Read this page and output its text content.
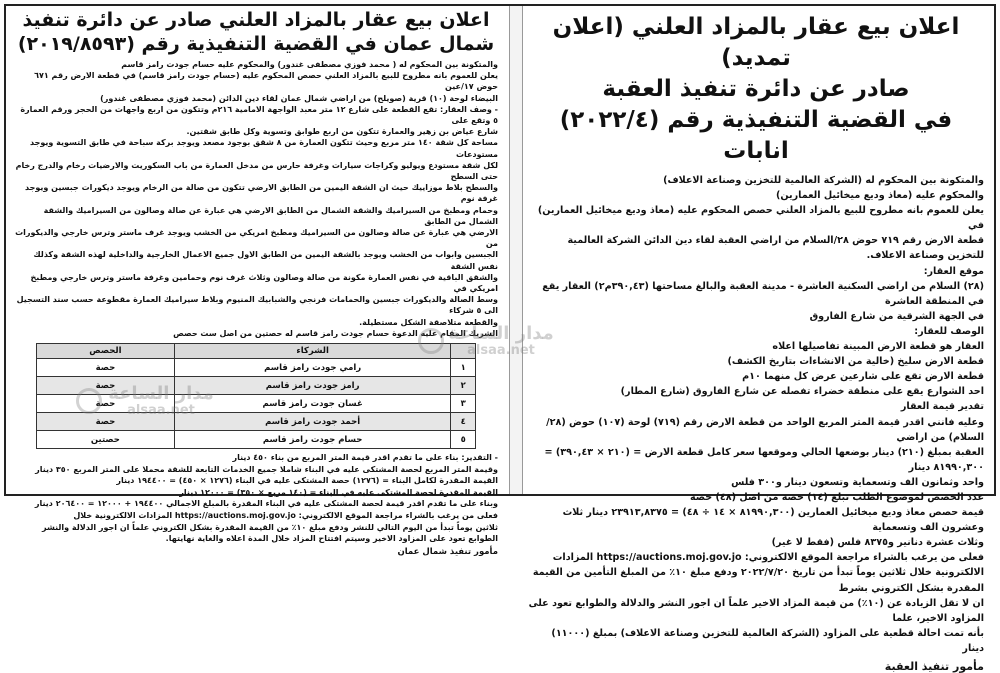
اعلان بيع عقار بالمزاد العلني (اعلان تمديد)

صادر عن دائرة تنفيذ العقبة

في القضية التنفيذية رقم (٢٠٢٢/٤) انابات

والمتكونة بين المحكوم له (الشركة العالمية للتخزين وصناعة الاعلاف)

والمحكوم عليه (معاذ وديع ميخائيل العمارين)

يعلن للعموم بانه مطروح للبيع بالمزاد العلني حصص المحكوم عليه (معاذ وديع ميخائيل العمارين) في

قطعة الارض رقم ٧١٩ حوض ٢٨/السلام من اراضي العقبة لقاء دين الدائن الشركة العالمية للتخزين وصناعة الاعلاف.

موقع العقار:

(٢٨) السلام من اراضي السكنية العاشرة - مدينة العقبة والبالغ مساحتها (٣٩٠,٤٣م٢) العقار يقع في المنطقة العاشرة

في الجهة الشرقية من شارع الفاروق

الوصف للعقار:

العقار هو قطعة الارض المبينة تفاصيلها اعلاه

قطعة الارض سليخ (خالية من الانشاءات بتاريخ الكشف)

قطعة الارض تقع على شارعين عرض كل منهما ١٠م

احد الشوارع يقع على منطقة خضراء تفصله عن شارع الفاروق (شارع المطار)

تقدير قيمة العقار

وعليه فانني اقدر قيمة المتر المربع الواحد من قطعة الارض رقم (٧١٩) لوحة (١٠٧) حوض (٢٨/السلام) من اراضي

العقبة بمبلغ (٢١٠) دينار بوضعها الحالي وموقعها سعر كامل قطعة الارض = (٢١٠ × ٣٩٠,٤٣) = ٨١٩٩٠,٣٠٠ دينار

واحد وثمانون الف وتسعماية وتسعون دينار و٣٠٠ فلس

عدد الحصص لموضوع الطلب تبلغ (١٤) حصة من اصل (٤٨) حصة

قيمة حصص معاذ وديع ميخائيل العمارين (٨١٩٩٠,٣٠٠ × ١٤ ÷ ٤٨) = ٢٣٩١٣,٨٣٧٥ دينار ثلاث وعشرون الف وتسعماية

وثلاث عشرة دنانير و٨٣٧٥ فلس (فقط لا غير)

فعلى من يرغب بالشراء مراجعة الموقع الالكتروني: https://auctions.moj.gov.jo المزادات

الالكترونية خلال ثلاثين يوماً تبدأ من تاريخ ٢٠٢٢/٧/٢٠ ودفع مبلغ ١٠٪ من المبلغ التأمين من القيمة المقدرة بشكل الكتروني بشرط

ان لا تقل الزيادة عن (١٠٪) من قيمة المزاد الاخير علماً ان اجور النشر والدلالة والطوابع تعود على المزاود الاخير، علما

بأنه تمت احالة قطعية على المزاود (الشركة العالمية للتخزين وصناعة الاعلاف) بمبلغ (١١٠٠٠) دينار

مأمور تنفيذ العقبة

اعلان بيع عقار بالمزاد العلني صادر عن دائرة تنفيذ

شمال عمان في القضية التنفيذية رقم (٢٠١٩/٨٥٩٣)

والمتكونة بين المحكوم له ( محمد فوزي مصطفى غندور) والمحكوم عليه حسام جودت رامز قاسم

يعلن للعموم بانه مطروح للبيع بالمزاد العلني حصص المحكوم عليه (حسام جودت رامز قاسم) في قطعة الارض رقم ٦٧١ حوض ١٧/عين

البيضاء لوحة (١٠) قرية (صويلح) من اراضي شمال عمان لقاء دين الدائن (محمد فوزي مصطفى غندور)

- وصف العقار: تقع القطعة على شارع ١٢ متر معبد الواجهة الامامية ٢١٦م وتتكون من اربع واجهات من الحجر ورقم العمارة ٥ وتقع على

شارع عياض بن زهير والعمارة تتكون من اربع طوابق وتسوية وكل طابق شقتين.

مساحة كل شقة ١٤٠ متر مربع وحيث تتكون العمارة من ٨ شقق بوجود مصعد ويوجد بركة سباحة في طابق التسوية ويوجد مستودعات

لكل شقة مستودع ويوليو وكراجات سيارات وغرفة حارس من مدخل العمارة من باب السكوريت والارضيات رخام والدرج رخام حتى السطح

والسطح بلاط موزاييك حيث ان الشقة اليمين من الطابق الارضي تتكون من صالة من الرخام ويوجد ديكورات جبسين ويوجد غرفة نوم

وحمام ومطبخ من السيراميك والشقة الشمال من الطابق الارضي هي عبارة عن صالة وصالون من السيراميك والشقة الشمال من الطابق

الارضي هي عبارة عن صالة وصالون من السيراميك ومطبخ امريكي من الخشب ويوجد غرف ماستر وترس خارجي والديكورات من

الجبسين وابواب من الخشب ويوجد بالشقة اليمين من الطابق الاول جميع الاعمال الخارجية والداخلية لهذه الشقة وكذلك نفس الشقة

والشقق الباقية في نفس العمارة مكونة من صالة وصالون وثلاث غرف نوم وحمامين وغرفة ماستر وترس خارجي ومطبخ امريكي في

وسط الصالة والديكورات جبسين والحمامات فرنجي والشبابيك المنيوم وبلاط سيراميك العمارة مقطوعة حسب سند التسجيل الى ٥ شركاء

والقطعة متلاصقة الشكل مستطيلة.

الشريك المقام عليه الدعوة حسام جودت رامز قاسم له حصتين من اصل ست حصص

	الشركاء	الحصص
١	رامي جودت رامز قاسم	حصة
٢	رامز جودت رامز قاسم	حصة
٣	غسان جودت رامز قاسم	حصة
٤	أحمد جودت رامز قاسم	حصة
٥	حسام جودت رامز قاسم	حصتين

- التقدير: بناء على ما تقدم اقدر قيمة المتر المربع من بناء ٤٥٠ دينار

وقيمة المتر المربع لحصة المشتكى عليه في البناء شاملا جميع الخدمات التابعة للشقة محملا على المتر المربع ٣٥٠ دينار

القيمة المقدرة لكامل البناء = (١٢٧٦) حصة المشتكى عليه في البناء (١٢٧٦ × ٤٥٠) = ١٩٤٤٠٠ دينار

القيمة المقدرة لحصة المشتكى عليه في البناء = (١٤٠ مربع × ٣٥٠) = ١٢٠٠٠ دينار

وبناء على ما تقدم اقدر قيمة لحصة المشتكى عليه في البناء المقدرة بالمبلغ الاجمالي ١٩٤٤٠٠ + ١٢٠٠٠ = ٢٠٦٤٠٠ دينار

فعلى من يرغب بالشراء مراجعة الموقع الالكتروني: https://auctions.moj.gov.jo المزادات الالكترونية خلال

ثلاثين يوماً تبدأ من اليوم التالي للنشر ودفع مبلغ ١٠٪ من القيمة المقدرة بشكل الكتروني علماً ان اجور الدلالة والنشر

الطوابع تعود على المزاود الاخير وسيتم افتتاح المزاد خلال المدة اعلاه والغاية نهايتها.

مأمور تنفيذ شمال عمان
مدار الساعة
alsaa.net
مدار الساعة
alsaa.net
